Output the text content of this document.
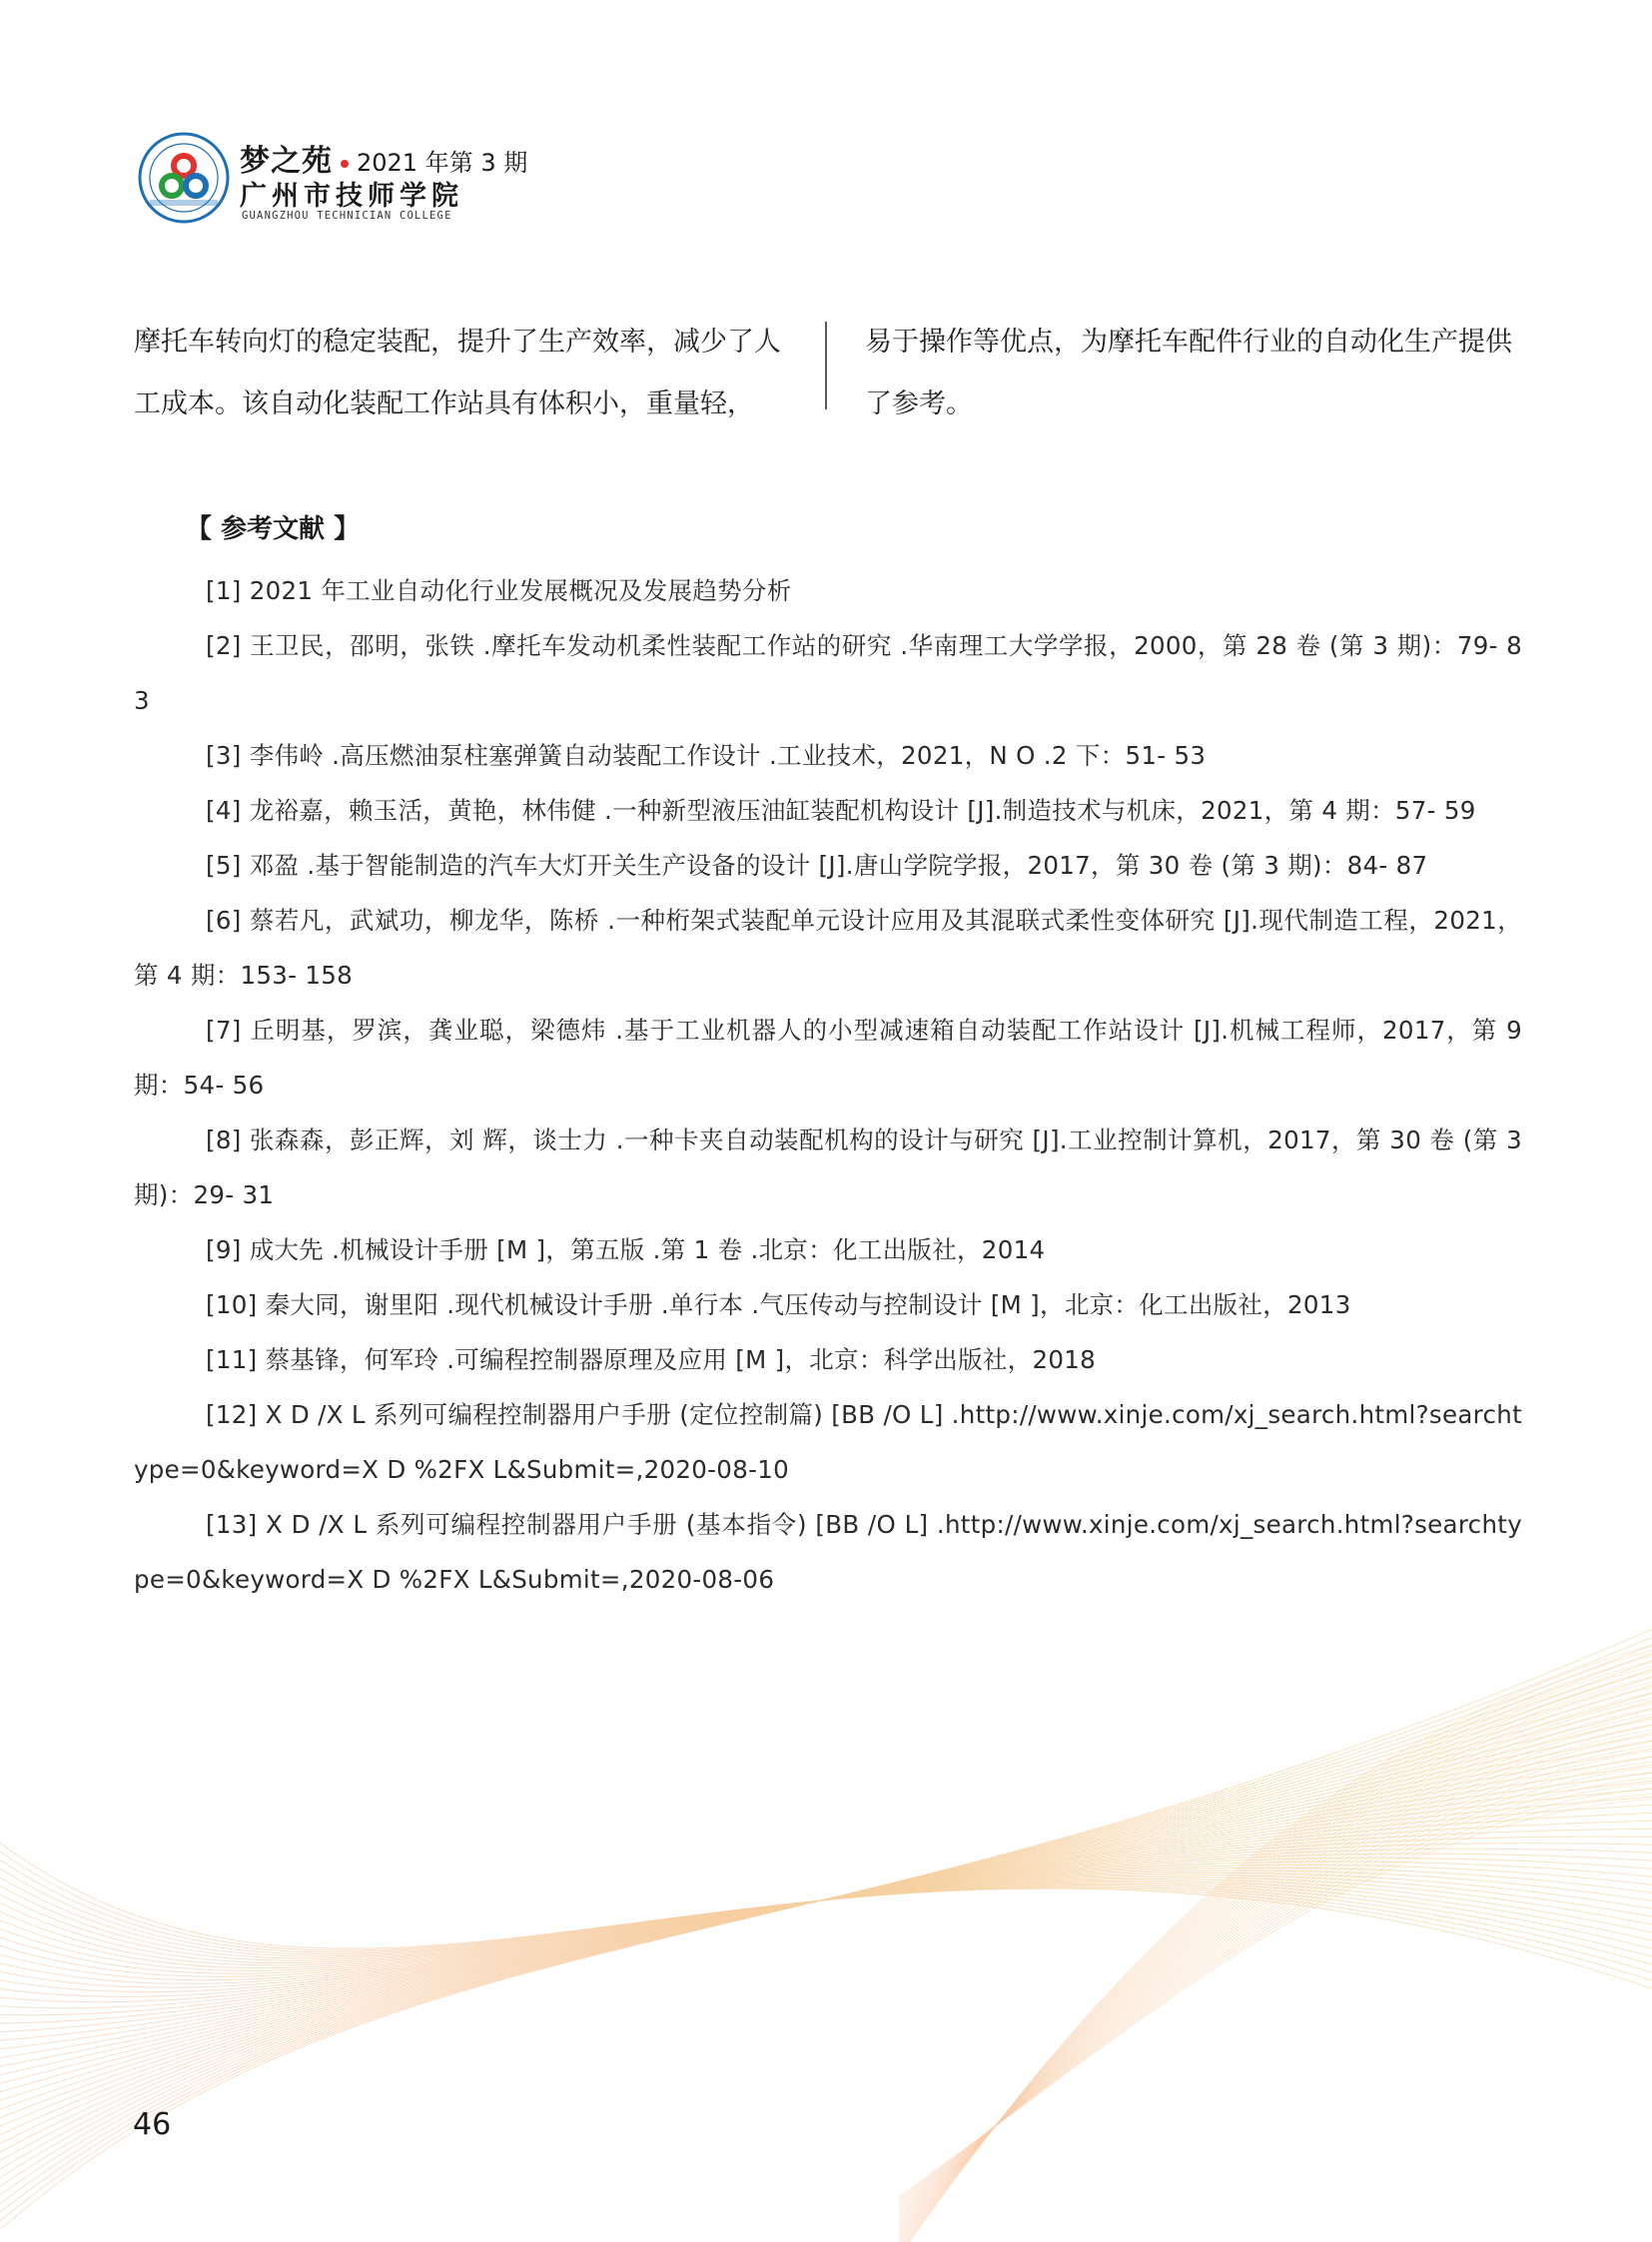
梦之苑 2021 年第 3 期
广州市技师学院
GUANGZHOU TECHNICIAN COLLEGE
摩托车转向灯的稳定装配，提升了生产效率，减少了人工成本。该自动化装配工作站具有体积小，重量轻，
易于操作等优点，为摩托车配件行业的自动化生产提供了参考。
【 参考文献 】
[1] 2021 年工业自动化行业发展概况及发展趋势分析
[2] 王卫民，邵明，张铁 .摩托车发动机柔性装配工作站的研究 .华南理工大学学报，2000，第 28 卷 (第 3 期)：79- 83
[3] 李伟岭 .高压燃油泵柱塞弹簧自动装配工作设计 .工业技术，2021，N O .2 下：51- 53
[4] 龙裕嘉，赖玉活，黄艳，林伟健 .一种新型液压油缸装配机构设计 [J].制造技术与机床，2021，第 4 期：57- 59
[5] 邓盈 .基于智能制造的汽车大灯开关生产设备的设计 [J].唐山学院学报，2017，第 30 卷 (第 3 期)：84- 87
[6] 蔡若凡，武斌功，柳龙华，陈桥 .一种桁架式装配单元设计应用及其混联式柔性变体研究 [J].现代制造工程，2021，第 4 期：153- 158
[7] 丘明基，罗滨，龚业聪，梁德炜 .基于工业机器人的小型减速箱自动装配工作站设计 [J].机械工程师，2017，第 9 期：54- 56
[8] 张森森，彭正辉，刘 辉，谈士力 .一种卡夹自动装配机构的设计与研究 [J].工业控制计算机，2017，第 30 卷 (第 3 期)：29- 31
[9] 成大先 .机械设计手册 [M ]，第五版 .第 1 卷 .北京：化工出版社，2014
[10] 秦大同，谢里阳 .现代机械设计手册 .单行本 .气压传动与控制设计 [M ]，北京：化工出版社，2013
[11] 蔡基锋，何军玲 .可编程控制器原理及应用 [M ]，北京：科学出版社，2018
[12] X D /X L 系列可编程控制器用户手册 (定位控制篇) [BB /O L] .http://www.xinje.com/xj_search.html?searchtype=0&keyword=X D %2FX L&Submit=,2020-08-10
[13] X D /X L 系列可编程控制器用户手册 (基本指令) [BB /O L] .http://www.xinje.com/xj_search.html?searchtype=0&keyword=X D %2FX L&Submit=,2020-08-06
46
